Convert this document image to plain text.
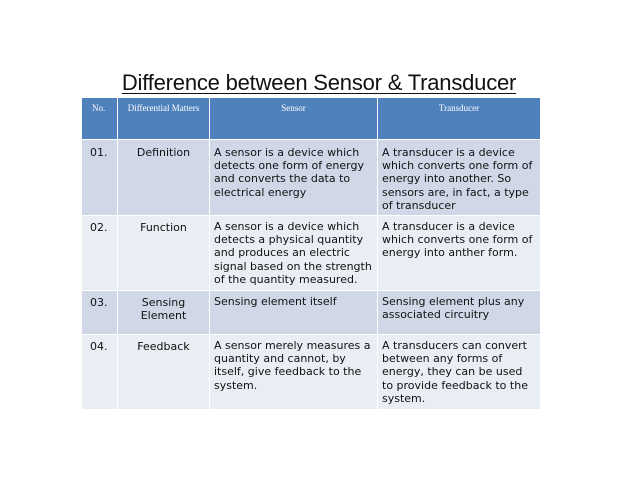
Difference between Sensor & Transducer
No.	Differential Matters	Sensor	Transducer
01.	Definition	A sensor is a device which detects one form of energy and converts the data to electrical energy	A transducer is a device which converts one form of energy into another. So sensors are, in fact, a type of transducer
02.	Function	A sensor is a device which detects a physical quantity and produces an electric signal based on the strength of the quantity measured.	A transducer is a device which converts one form of energy into anther form.
03.	Sensing Element	Sensing element itself	Sensing element plus any associated circuitry
04.	Feedback	A sensor merely measures a quantity and cannot, by itself, give feedback to the system.	A transducers can convert between any forms of energy, they can be used to provide feedback to the system.
